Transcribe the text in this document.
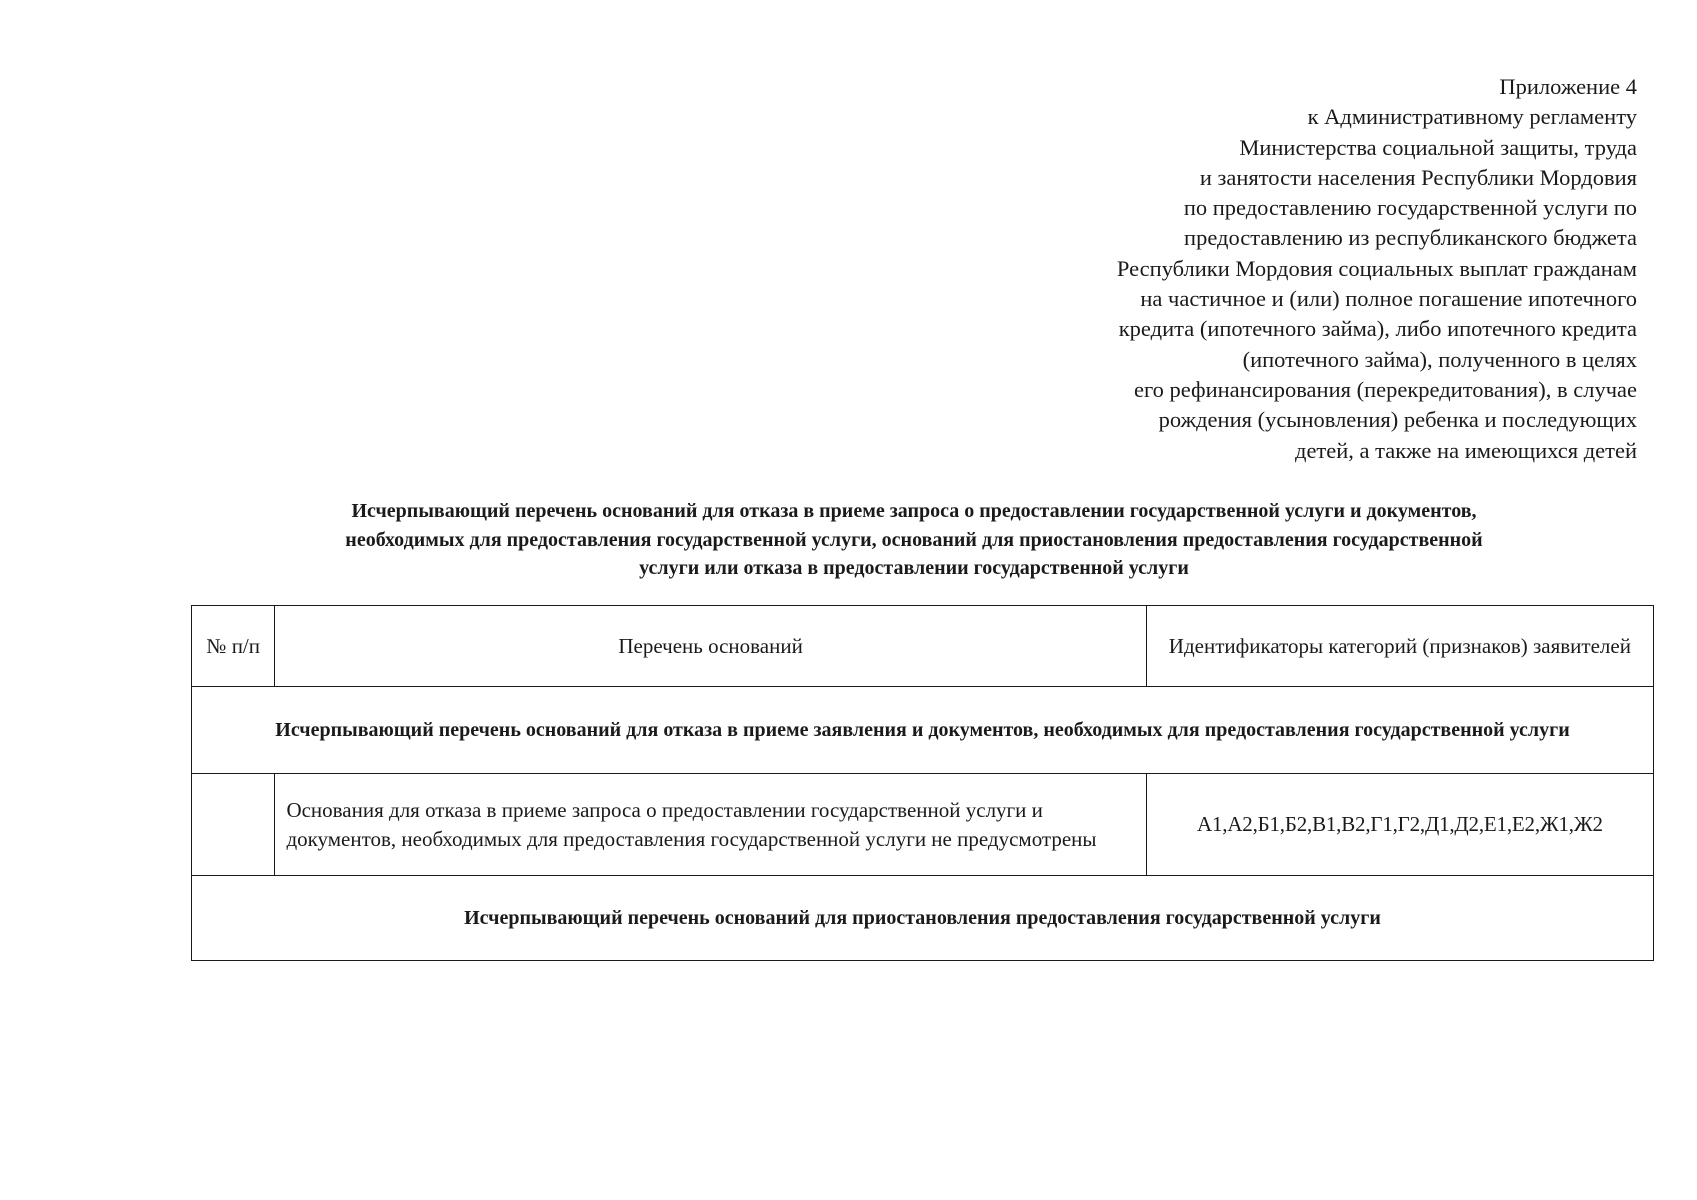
Приложение 4
к Административному регламенту
Министерства социальной защиты, труда
и занятости населения Республики Мордовия
по предоставлению государственной услуги по
предоставлению из республиканского бюджета
Республики Мордовия социальных выплат гражданам
на частичное и (или) полное погашение ипотечного
кредита (ипотечного займа), либо ипотечного кредита
(ипотечного займа), полученного в целях
его рефинансирования (перекредитования), в случае
рождения (усыновления) ребенка и последующих
детей, а также на имеющихся детей
Исчерпывающий перечень оснований для отказа в приеме запроса о предоставлении государственной услуги и документов,
необходимых для предоставления государственной услуги, оснований для приостановления предоставления государственной
услуги или отказа в предоставлении государственной услуги
№ п/п	Перечень оснований	Идентификаторы категорий (признаков) заявителей
Исчерпывающий перечень оснований для отказа в приеме заявления и документов, необходимых для предоставления государственной услуги		
	Основания для отказа в приеме запроса о предоставлении государственной услуги и документов, необходимых для предоставления государственной услуги не предусмотрены	А1,А2,Б1,Б2,В1,В2,Г1,Г2,Д1,Д2,Е1,Е2,Ж1,Ж2
Исчерпывающий перечень оснований для приостановления предоставления государственной услуги		
